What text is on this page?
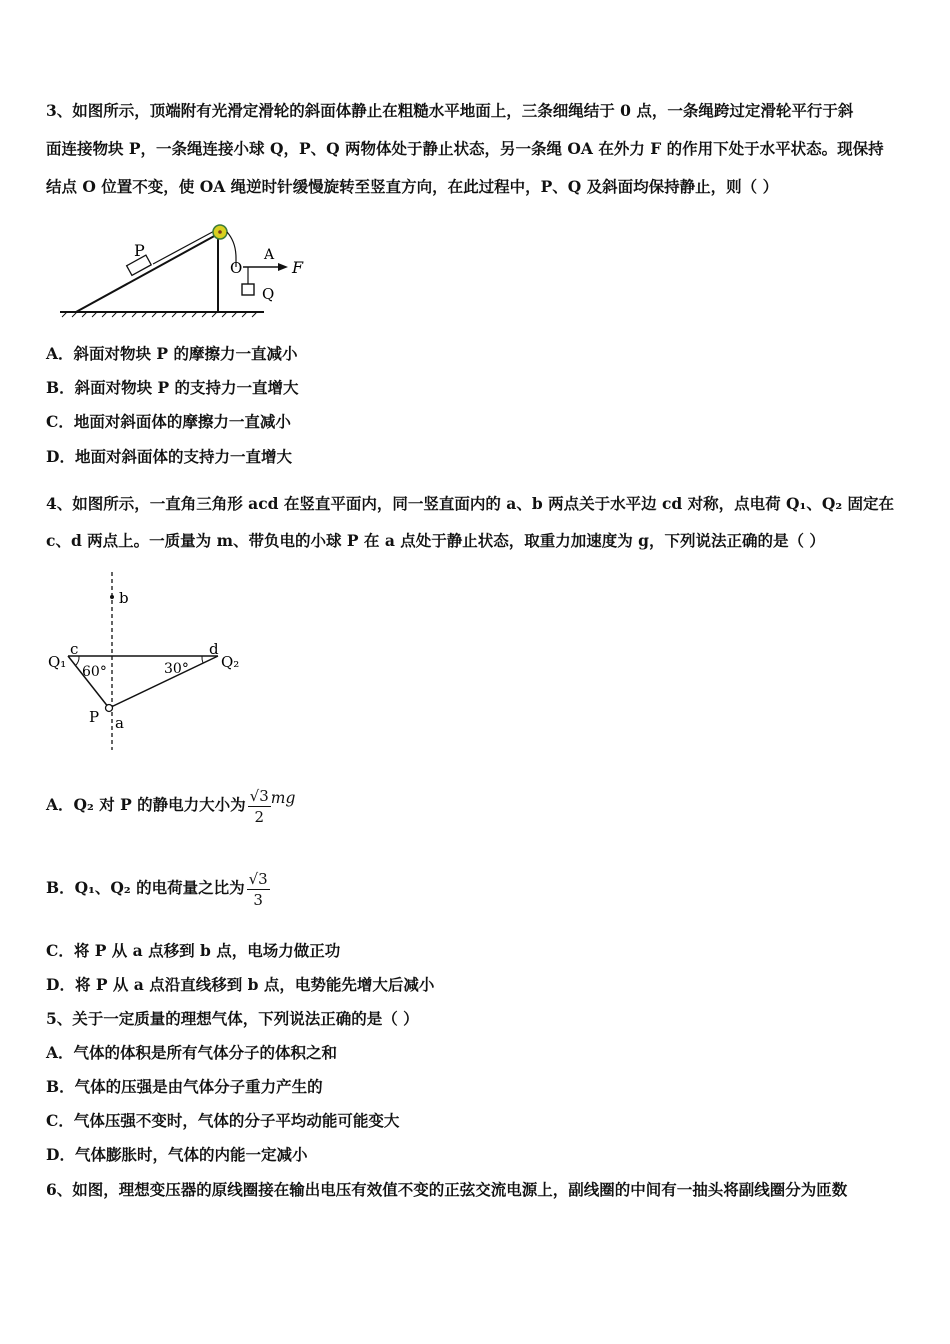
3、如图所示，顶端附有光滑定滑轮的斜面体静止在粗糙水平地面上，三条细绳结于 0 点，一条绳跨过定滑轮平行于斜
面连接物块 P，一条绳连接小球 Q，P、Q 两物体处于静止状态，另一条绳 OA 在外力 F 的作用下处于水平状态。现保持
结点 O 位置不变，使 OA 绳逆时针缓慢旋转至竖直方向，在此过程中，P、Q 及斜面均保持静止，则（ ）
P
O
A
F
Q
A．斜面对物块 P 的摩擦力一直减小
B．斜面对物块 P 的支持力一直增大
C．地面对斜面体的摩擦力一直减小
D．地面对斜面体的支持力一直增大
4、如图所示，一直角三角形 acd 在竖直平面内，同一竖直面内的 a、b 两点关于水平边 cd 对称，点电荷 Q₁、Q₂ 固定在
c、d 两点上。一质量为 m、带负电的小球 P 在 a 点处于静止状态，取重力加速度为 g，下列说法正确的是（ ）
b
Q₁
c
60°	30°
d
Q₂
P a
A．Q₂ 对 P 的静电力大小为 $\frac{√3}{2}$ mg
B．Q₁、Q₂ 的电荷量之比为 $\frac{√3}{3}$
C．将 P 从 a 点移到 b 点，电场力做正功
D．将 P 从 a 点沿直线移到 b 点，电势能先增大后减小
5、关于一定质量的理想气体，下列说法正确的是（ ）
A．气体的体积是所有气体分子的体积之和
B．气体的压强是由气体分子重力产生的
C．气体压强不变时，气体的分子平均动能可能变大
D．气体膨胀时，气体的内能一定减小
6、如图，理想变压器的原线圈接在输出电压有效值不变的正弦交流电源上，副线圈的中间有一抽头将副线圈分为匝数
